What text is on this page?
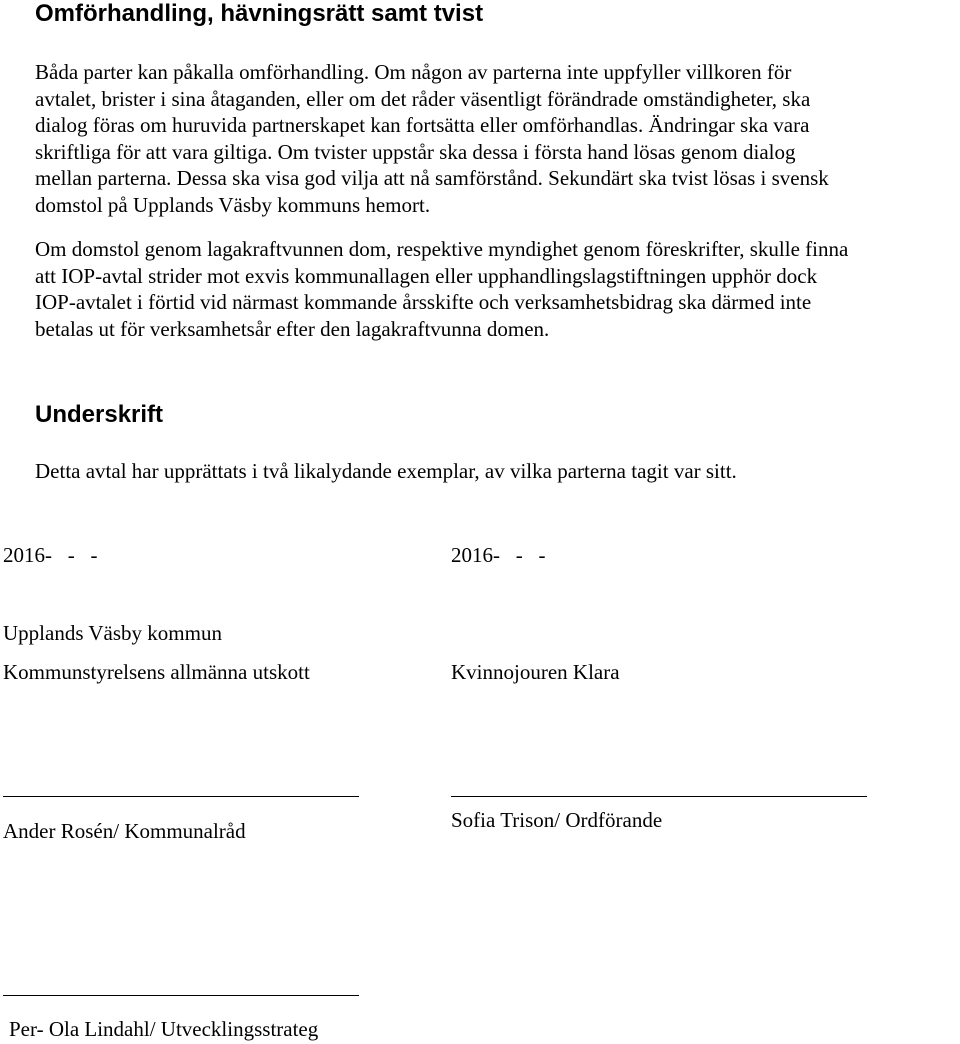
Omförhandling, hävningsrätt samt tvist
Båda parter kan påkalla omförhandling. Om någon av parterna inte uppfyller villkoren för
avtalet, brister i sina åtaganden, eller om det råder väsentligt förändrade omständigheter, ska
dialog föras om huruvida partnerskapet kan fortsätta eller omförhandlas. Ändringar ska vara
skriftliga för att vara giltiga. Om tvister uppstår ska dessa i första hand lösas genom dialog
mellan parterna. Dessa ska visa god vilja att nå samförstånd. Sekundärt ska tvist lösas i svensk
domstol på Upplands Väsby kommuns hemort.
Om domstol genom lagakraftvunnen dom, respektive myndighet genom föreskrifter, skulle finna
att IOP-avtal strider mot exvis kommunallagen eller upphandlingslagstiftningen upphör dock
IOP-avtalet i förtid vid närmast kommande årsskifte och verksamhetsbidrag ska därmed inte
betalas ut för verksamhetsår efter den lagakraftvunna domen.
Underskrift
Detta avtal har upprättats i två likalydande exemplar, av vilka parterna tagit var sitt.
2016-   -   -	2016-   -   -
Upplands Väsby kommun
Kommunstyrelsens allmänna utskott	Kvinnojouren Klara
Ander Rosén/ Kommunalråd	Sofia Trison/ Ordförande
Per- Ola Lindahl/ Utvecklingsstrateg
